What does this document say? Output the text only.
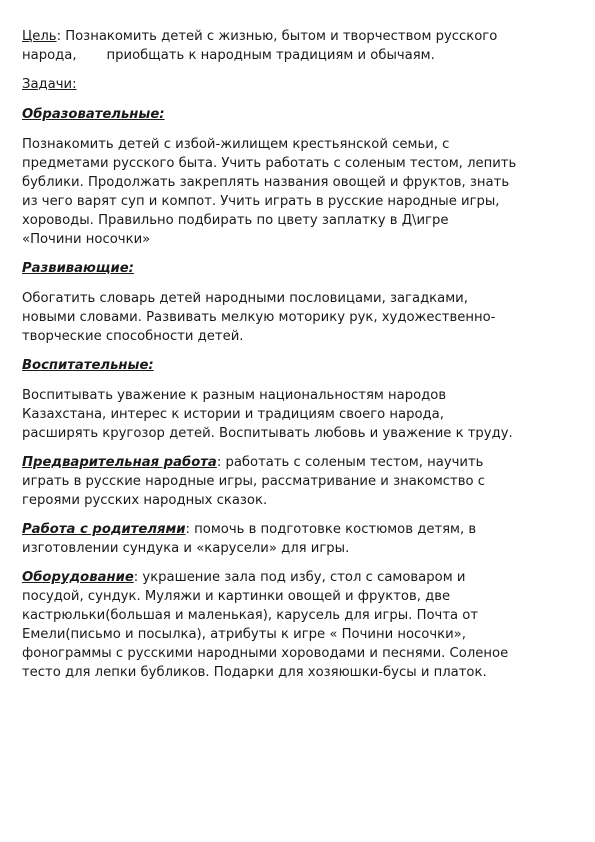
Цель: Познакомить детей с жизнью, бытом и творчеством русского
народа, приобщать к народным традициям и обычаям.

Задачи:

Образовательные:

Познакомить детей с избой-жилищем крестьянской семьи, с
предметами русского быта. Учить работать с соленым тестом, лепить
бублики. Продолжать закреплять названия овощей и фруктов, знать
из чего варят суп и компот. Учить играть в русские народные игры,
хороводы. Правильно подбирать по цвету заплатку в Д\игре
«Почини носочки»

Развивающие:

Обогатить словарь детей народными пословицами, загадками,
новыми словами. Развивать мелкую моторику рук, художественно-
творческие способности детей.

Воспитательные:

Воспитывать уважение к разным национальностям народов
Казахстана, интерес к истории и традициям своего народа,
расширять кругозор детей. Воспитывать любовь и уважение к труду.

Предварительная работа: работать с соленым тестом, научить
играть в русские народные игры, рассматривание и знакомство с
героями русских народных сказок.

Работа с родителями: помочь в подготовке костюмов детям, в
изготовлении сундука и «карусели» для игры.

Оборудование: украшение зала под избу, стол с самоваром и
посудой, сундук. Муляжи и картинки овощей и фруктов, две
кастрюльки(большая и маленькая), карусель для игры. Почта от
Емели(письмо и посылка), атрибуты к игре « Почини носочки»,
фонограммы с русскими народными хороводами и песнями. Соленое
тесто для лепки бубликов. Подарки для хозяюшки-бусы и платок.
